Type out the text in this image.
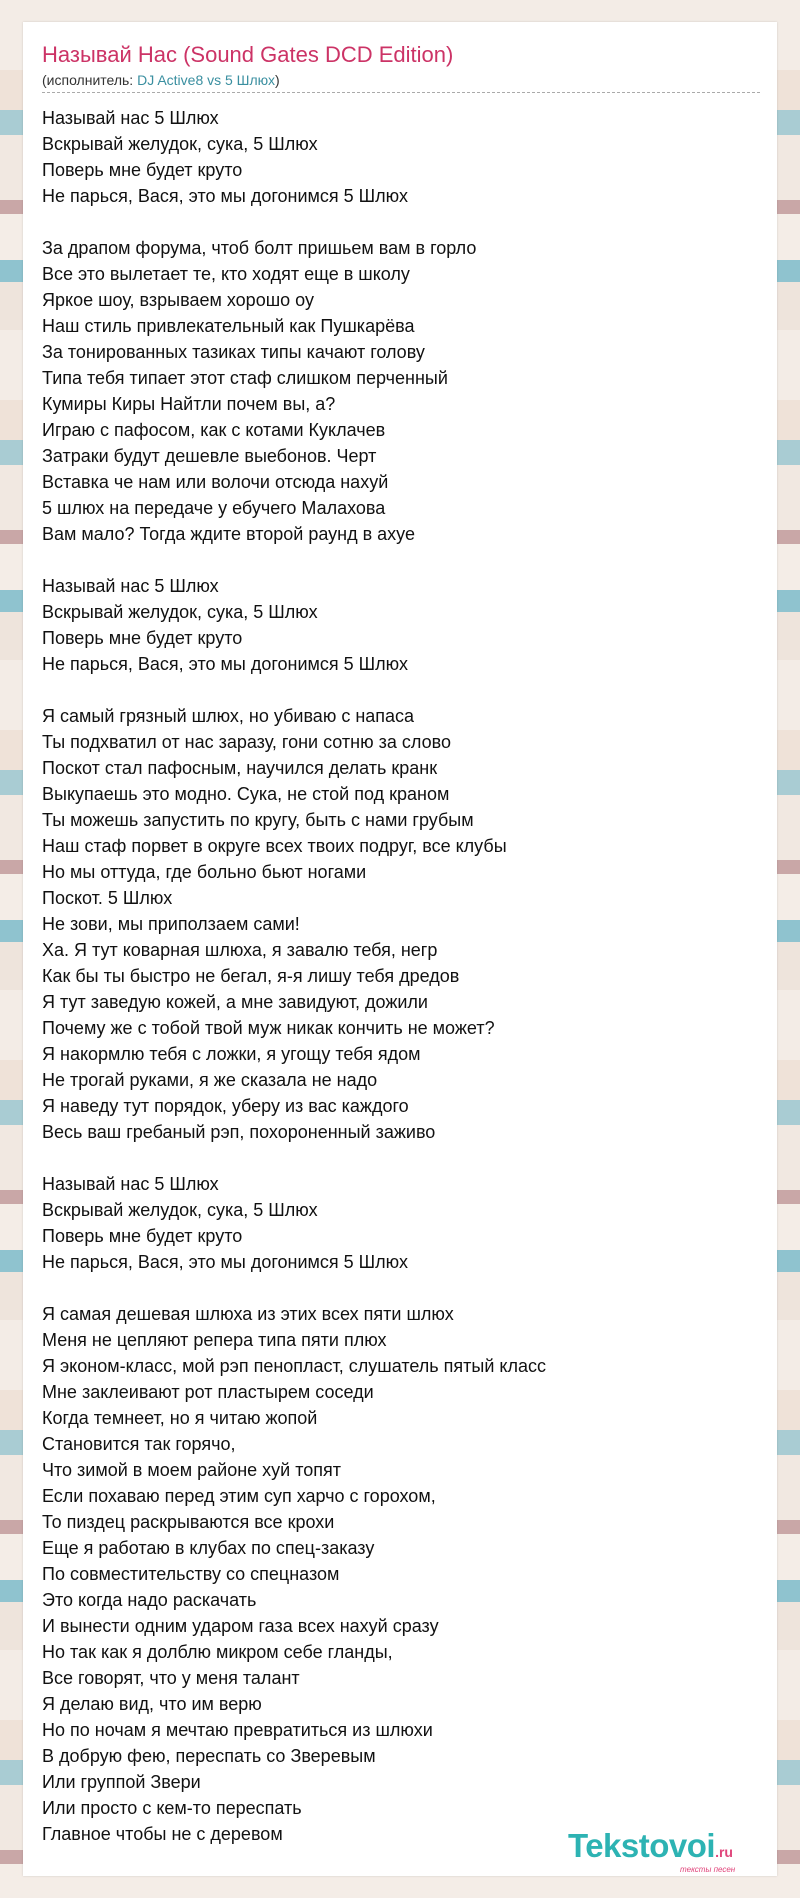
Называй Нас (Sound Gates DCD Edition)
(исполнитель: DJ Active8 vs 5 Шлюх)
Называй нас 5 Шлюх
Вскрывай желудок, сука, 5 Шлюх
Поверь мне будет круто
Не парься, Вася, это мы догонимся 5 Шлюх
За драпом форума, чтоб болт пришьем вам в горло
Все это вылетает те, кто ходят еще в школу
Яркое шоу, взрываем хорошо оу
Наш стиль привлекательный как Пушкарёва
За тонированных тазиках типы качают голову
Типа тебя типает этот стаф слишком перченный
Кумиры Киры Найтли почем вы, а?
Играю с пафосом, как с котами Куклачев
Затраки будут дешевле выебонов. Черт
Вставка че нам или волочи отсюда нахуй
5 шлюх на передаче у ебучего Малахова
Вам мало? Тогда ждите второй раунд в ахуе
Называй нас 5 Шлюх
Вскрывай желудок, сука, 5 Шлюх
Поверь мне будет круто
Не парься, Вася, это мы догонимся 5 Шлюх
Я самый грязный шлюх, но убиваю с напаса
Ты подхватил от нас заразу, гони сотню за слово
Поскот стал пафосным, научился делать кранк
Выкупаешь это модно. Сука, не стой под краном
Ты можешь запустить по кругу, быть с нами грубым
Наш стаф порвет в округе всех твоих подруг, все клубы
Но мы оттуда, где больно бьют ногами
Поскот. 5 Шлюх
Не зови, мы приползаем сами!
Ха. Я тут коварная шлюха, я завалю тебя, негр
Как бы ты быстро не бегал, я-я лишу тебя дредов
Я тут заведую кожей, а мне завидуют, дожили
Почему же с тобой твой муж никак кончить не может?
Я накормлю тебя с ложки, я угощу тебя ядом
Не трогай руками, я же сказала не надо
Я наведу тут порядок, уберу из вас каждого
Весь ваш гребаный рэп, похороненный заживо
Называй нас 5 Шлюх
Вскрывай желудок, сука, 5 Шлюх
Поверь мне будет круто
Не парься, Вася, это мы догонимся 5 Шлюх
Я самая дешевая шлюха из этих всех пяти шлюх
Меня не цепляют репера типа пяти плюх
Я эконом-класс, мой рэп пенопласт, слушатель пятый класс
Мне заклеивают рот пластырем соседи
Когда темнеет, но я читаю жопой
Становится так горячо,
Что зимой в моем районе хуй топят
Если похаваю перед этим суп харчо с горохом,
То пиздец раскрываются все крохи
Еще я работаю в клубах по спец-заказу
По совместительству со спецназом
Это когда надо раскачать
И вынести одним ударом газа всех нахуй сразу
Но так как я долблю микром себе гланды,
Все говорят, что у меня талант
Я делаю вид, что им верю
Но по ночам я мечтаю превратиться из шлюхи
В добрую фею, переспать со Зверевым
Или группой Звери
Или просто с кем-то переспать
Главное чтобы не с деревом	Tekstovoi.ru
тексты песен
